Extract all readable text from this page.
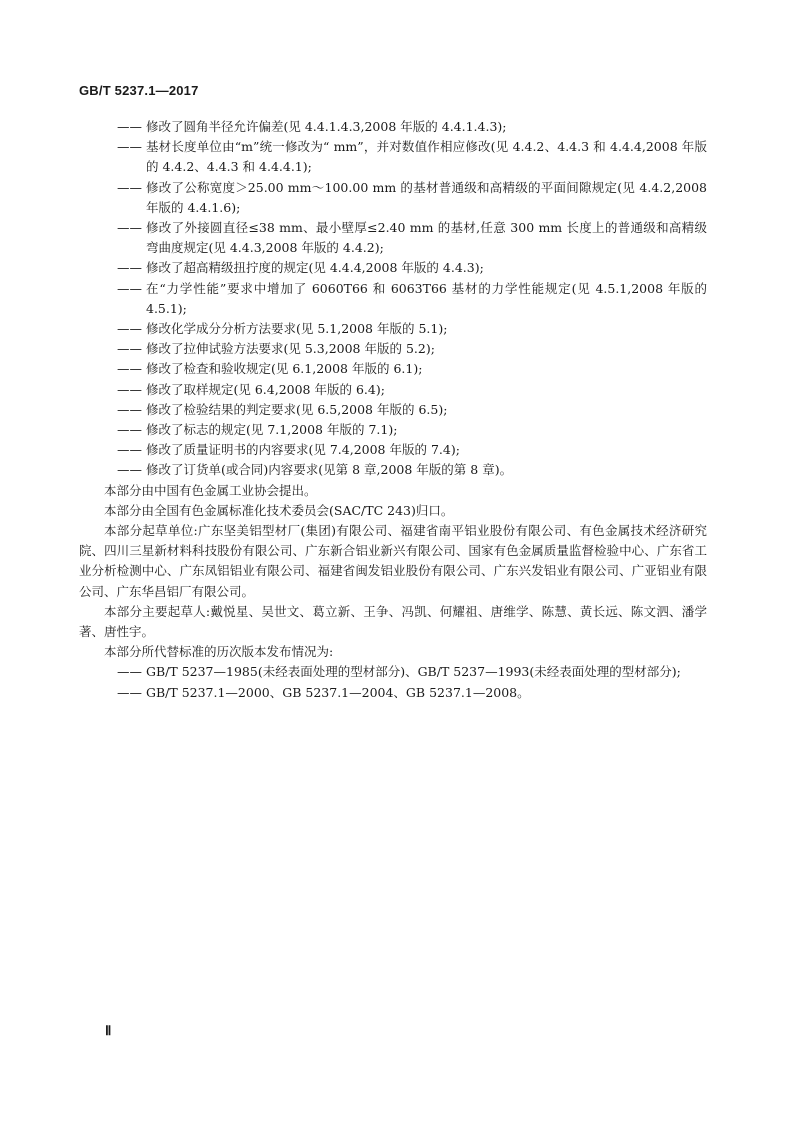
GB/T 5237.1—2017
—— 修改了圆角半径允许偏差(见 4.4.1.4.3,2008 年版的 4.4.1.4.3);
—— 基材长度单位由“m”统一修改为“ mm”，并对数值作相应修改(见 4.4.2、4.4.3 和 4.4.4,2008 年版的 4.4.2、4.4.3 和 4.4.4.1);
—— 修改了公称宽度＞25.00 mm～100.00 mm 的基材普通级和高精级的平面间隙规定(见 4.4.2,2008 年版的 4.4.1.6);
—— 修改了外接圆直径≤38 mm、最小壁厚≤2.40 mm 的基材,任意 300 mm 长度上的普通级和高精级弯曲度规定(见 4.4.3,2008 年版的 4.4.2);
—— 修改了超高精级扭拧度的规定(见 4.4.4,2008 年版的 4.4.3);
—— 在“力学性能”要求中增加了 6060T66 和 6063T66 基材的力学性能规定(见 4.5.1,2008 年版的 4.5.1);
—— 修改化学成分分析方法要求(见 5.1,2008 年版的 5.1);
—— 修改了拉伸试验方法要求(见 5.3,2008 年版的 5.2);
—— 修改了检查和验收规定(见 6.1,2008 年版的 6.1);
—— 修改了取样规定(见 6.4,2008 年版的 6.4);
—— 修改了检验结果的判定要求(见 6.5,2008 年版的 6.5);
—— 修改了标志的规定(见 7.1,2008 年版的 7.1);
—— 修改了质量证明书的内容要求(见 7.4,2008 年版的 7.4);
—— 修改了订货单(或合同)内容要求(见第 8 章,2008 年版的第 8 章)。

本部分由中国有色金属工业协会提出。

本部分由全国有色金属标准化技术委员会(SAC/TC 243)归口。

本部分起草单位:广东坚美铝型材厂(集团)有限公司、福建省南平铝业股份有限公司、有色金属技术经济研究院、四川三星新材料科技股份有限公司、广东新合铝业新兴有限公司、国家有色金属质量监督检验中心、广东省工业分析检测中心、广东凤铝铝业有限公司、福建省闽发铝业股份有限公司、广东兴发铝业有限公司、广亚铝业有限公司、广东华昌铝厂有限公司。

本部分主要起草人:戴悦星、吴世文、葛立新、王争、冯凯、何耀祖、唐维学、陈慧、黄长远、陈文泗、潘学著、唐性宇。

本部分所代替标准的历次版本发布情况为:

—— GB/T 5237—1985(未经表面处理的型材部分)、GB/T 5237—1993(未经表面处理的型材部分);
—— GB/T 5237.1—2000、GB 5237.1—2004、GB 5237.1—2008。
Ⅱ
